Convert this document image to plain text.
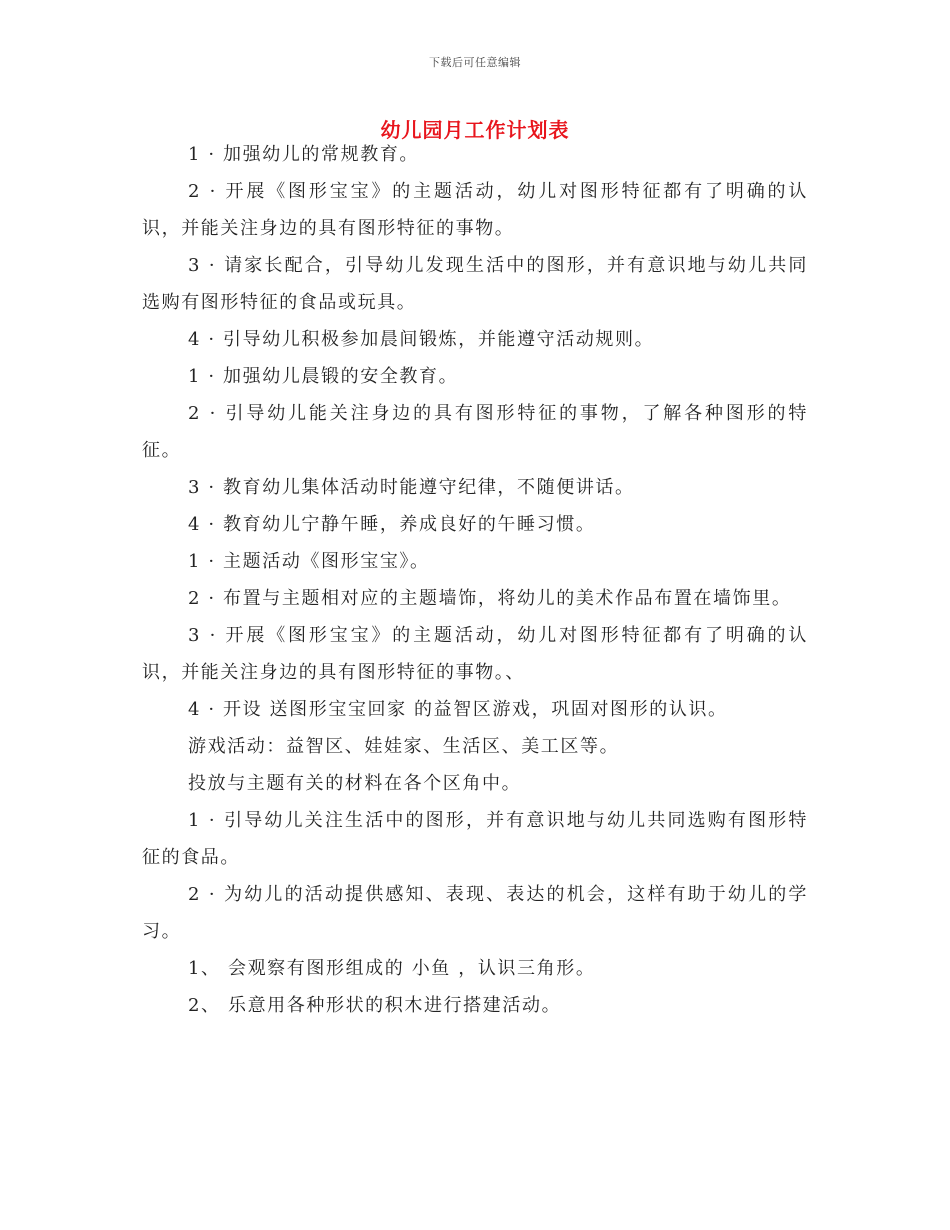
下载后可任意编辑
幼儿园月工作计划表

1 · 加强幼儿的常规教育。

2 · 开展《图形宝宝》的主题活动，幼儿对图形特征都有了明确的认识，并能关注身边的具有图形特征的事物。

3 · 请家长配合，引导幼儿发现生活中的图形，并有意识地与幼儿共同选购有图形特征的食品或玩具。

4 · 引导幼儿积极参加晨间锻炼，并能遵守活动规则。

1 · 加强幼儿晨锻的安全教育。

2 · 引导幼儿能关注身边的具有图形特征的事物，了解各种图形的特征。

3 · 教育幼儿集体活动时能遵守纪律，不随便讲话。

4 · 教育幼儿宁静午睡，养成良好的午睡习惯。

1 · 主题活动《图形宝宝》。

2 · 布置与主题相对应的主题墙饰，将幼儿的美术作品布置在墙饰里。

3 · 开展《图形宝宝》的主题活动，幼儿对图形特征都有了明确的认识，并能关注身边的具有图形特征的事物。、

4 · 开设 送图形宝宝回家 的益智区游戏，巩固对图形的认识。

游戏活动：益智区、娃娃家、生活区、美工区等。

投放与主题有关的材料在各个区角中。

1 · 引导幼儿关注生活中的图形，并有意识地与幼儿共同选购有图形特征的食品。

2 · 为幼儿的活动提供感知、表现、表达的机会，这样有助于幼儿的学习。

1、 会观察有图形组成的 小鱼 ，认识三角形。

2、 乐意用各种形状的积木进行搭建活动。
